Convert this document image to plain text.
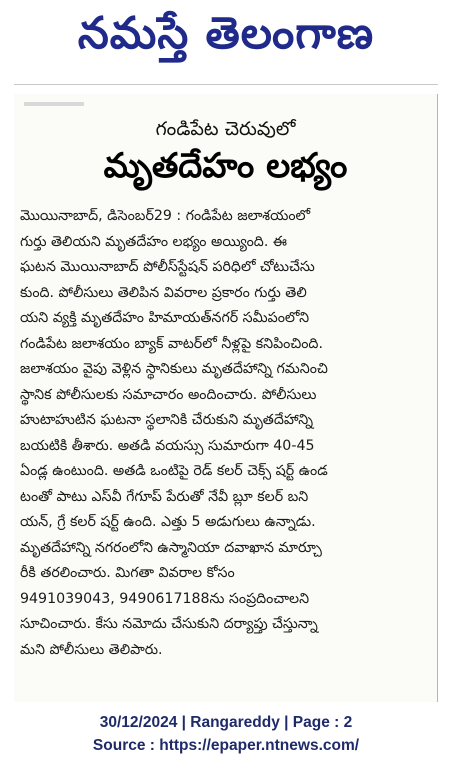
నమస్తే తెలంగాణ
గండిపేట చెరువులో
మృతదేహం లభ్యం
మొయినాబాద్, డిసెంబర్29 : గండిపేట జలాశయంలో
గుర్తు తెలియని మృతదేహం లభ్యం అయ్యింది. ఈ
ఘటన మొయినాబాద్ పోలీస్‌స్టేషన్ పరిధిలో చోటుచేసు
కుంది. పోలీసులు తెలిపిన వివరాల ప్రకారం గుర్తు తెలి
యని వ్యక్తి మృతదేహం హిమాయత్‌నగర్ సమీపంలోని
గండిపేట జలాశయం బ్యాక్ వాటర్‌లో నీళ్లపై కనిపించింది.
జలాశయం వైపు వెళ్లిన స్థానికులు మృతదేహాన్ని గమనించి
స్థానిక పోలీసులకు సమాచారం అందించారు. పోలీసులు
హుటాహుటిన ఘటనా స్థలానికి చేరుకుని మృతదేహాన్ని
బయటికి తీశారు. అతడి వయస్సు సుమారుగా 40-45
ఏండ్ల ఉంటుంది. అతడి ఒంటిపై రెడ్ కలర్ చెక్స్ షర్ట్ ఉండ
టంతో పాటు ఎస్‌వీ గేగూప్ పేరుతో నేవీ బ్లూ కలర్ బని
యన్, గ్రే కలర్ షర్ట్ ఉంది. ఎత్తు 5 అడుగులు ఉన్నాడు.
మృతదేహాన్ని నగరంలోని ఉస్మానియా దవాఖాన మార్చూ
రీకి తరలించారు. మిగతా వివరాల కోసం
9491039043, 9490617188ను సంప్రదించాలని
సూచించారు. కేసు నమోదు చేసుకుని దర్యాప్తు చేస్తున్నా
మని పోలీసులు తెలిపారు.
30/12/2024 | Rangareddy | Page : 2
Source : https://epaper.ntnews.com/
